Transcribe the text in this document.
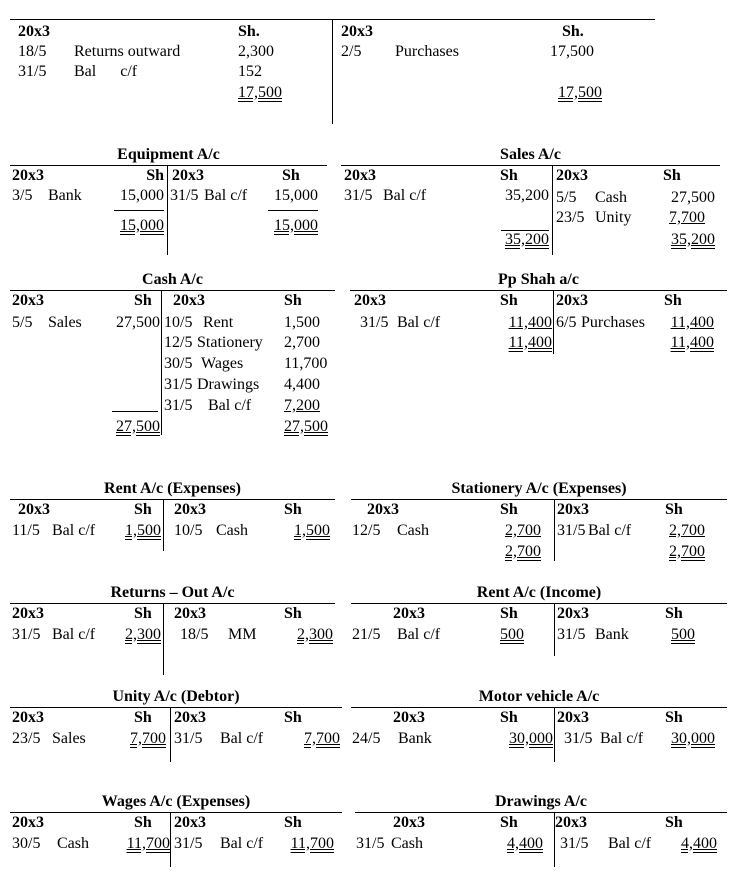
20x3	Sh.
18/5 Returns outward	2,300
31/5 Bal      c/f	152
17,500
20x3	Sh.
2/5 Purchases	17,500
17,500
Equipment A/c
20x3	Sh
3/5 Bank	15,000
15,000
20x3	Sh
31/5 Bal c/f	15,000
15,000
Sales A/c
20x3	Sh
31/5 Bal c/f	35,200
35,200
20x3	Sh
5/5 Cash	27,500
23/5 Unity	7,700
35,200
Cash A/c
20x3	Sh
5/5 Sales	27,500
27,500
20x3	Sh
10/5 Rent	1,500
12/5 Stationery 2,700
30/5 Wages	11,700
31/5 Drawings 4,400
31/5 Bal c/f 7,200
27,500
Pp Shah a/c
20x3	Sh
31/5 Bal c/f	11,400
11,400
20x3	Sh
6/5 Purchases	11,400
11,400
Rent A/c (Expenses)
20x3	Sh
11/5 Bal c/f	1,500
20x3	Sh
10/5 Cash	1,500
Stationery A/c (Expenses)
20x3	Sh
12/5 Cash	2,700
2,700
20x3	Sh
31/5 Bal c/f	2,700
2,700
Returns – Out A/c
20x3	Sh
31/5 Bal c/f	2,300
20x3	Sh
18/5 MM	2,300
Rent A/c (Income)
20x3	Sh
21/5 Bal c/f	500
20x3	Sh
31/5 Bank	500
Unity A/c (Debtor)
20x3	Sh
23/5 Sales	7,700
20x3	Sh
31/5 Bal c/f	7,700
Motor vehicle A/c
20x3	Sh
24/5 Bank	30,000
20x3	Sh
31/5 Bal c/f	30,000
Wages A/c (Expenses)
20x3	Sh
30/5 Cash	11,700
20x3	Sh
31/5 Bal c/f	11,700
Drawings A/c
20x3	Sh
31/5 Cash	4,400
20x3	Sh
31/5 Bal c/f	4,400
